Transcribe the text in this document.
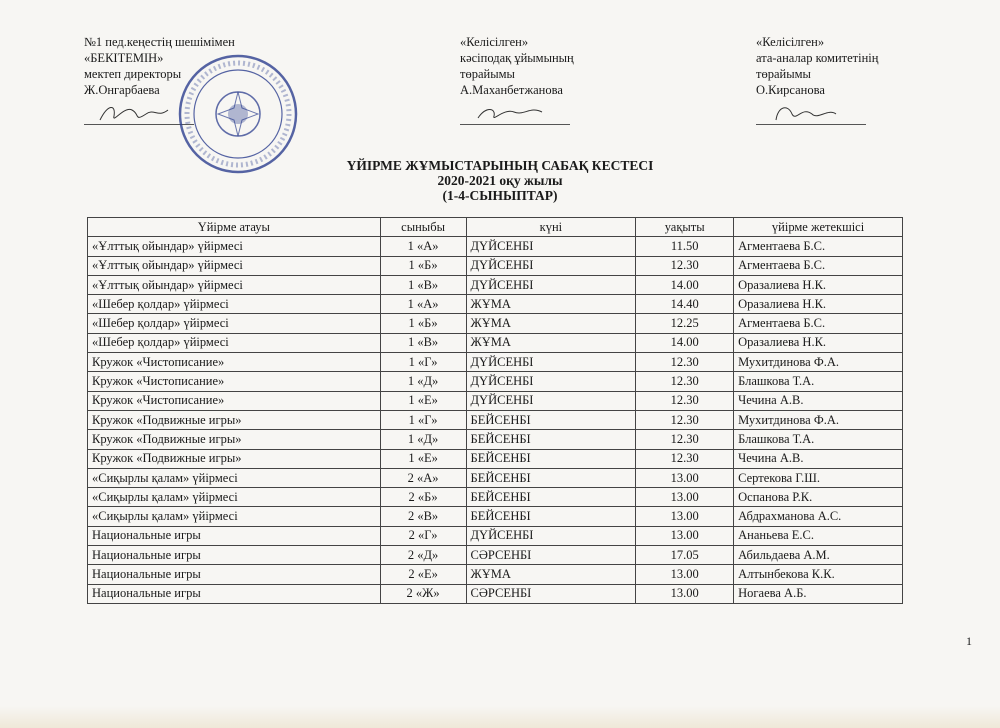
№1 пед.кеңестің шешімімен
«БЕКІТЕМІН»
мектеп директоры
Ж.Онгарбаева
«Келісілген»
кәсіподақ ұйымының
төрайымы
А.Маханбетжанова
«Келісілген»
ата-аналар комитетінің
төрайымы
О.Кирсанова
ҮЙІРМЕ ЖҰМЫСТАРЫНЫҢ САБАҚ КЕСТЕСІ
2020-2021 оқу жылы
(1-4-СЫНЫПТАР)
Үйірме атауы	сыныбы	күні	уақыты	үйірме жетекшісі
«Ұлттық ойындар» үйірмесі	1 «А»	ДҮЙСЕНБІ	11.50	Агментаева Б.С.
«Ұлттық ойындар» үйірмесі	1 «Б»	ДҮЙСЕНБІ	12.30	Агментаева Б.С.
«Ұлттық ойындар» үйірмесі	1 «В»	ДҮЙСЕНБІ	14.00	Оразалиева Н.К.
«Шебер қолдар» үйірмесі	1 «А»	ЖҰМА	14.40	Оразалиева Н.К.
«Шебер қолдар» үйірмесі	1 «Б»	ЖҰМА	12.25	Агментаева Б.С.
«Шебер қолдар» үйірмесі	1 «В»	ЖҰМА	14.00	Оразалиева Н.К.
Кружок «Чистописание»	1 «Г»	ДҮЙСЕНБІ	12.30	Мухитдинова Ф.А.
Кружок «Чистописание»	1 «Д»	ДҮЙСЕНБІ	12.30	Блашкова Т.А.
Кружок «Чистописание»	1 «Е»	ДҮЙСЕНБІ	12.30	Чечина А.В.
Кружок «Подвижные игры»	1 «Г»	БЕЙСЕНБІ	12.30	Мухитдинова Ф.А.
Кружок «Подвижные игры»	1 «Д»	БЕЙСЕНБІ	12.30	Блашкова Т.А.
Кружок «Подвижные игры»	1 «Е»	БЕЙСЕНБІ	12.30	Чечина А.В.
«Сиқырлы қалам» үйірмесі	2 «А»	БЕЙСЕНБІ	13.00	Сертекова Г.Ш.
«Сиқырлы қалам» үйірмесі	2 «Б»	БЕЙСЕНБІ	13.00	Оспанова Р.К.
«Сиқырлы қалам» үйірмесі	2 «В»	БЕЙСЕНБІ	13.00	Абдрахманова А.С.
Национальные игры	2 «Г»	ДҮЙСЕНБІ	13.00	Ананьева Е.С.
Национальные игры	2 «Д»	СӘРСЕНБІ	17.05	Абильдаева А.М.
Национальные игры	2 «Е»	ЖҰМА	13.00	Алтынбекова К.К.
Национальные игры	2 «Ж»	СӘРСЕНБІ	13.00	Ногаева А.Б.
1
